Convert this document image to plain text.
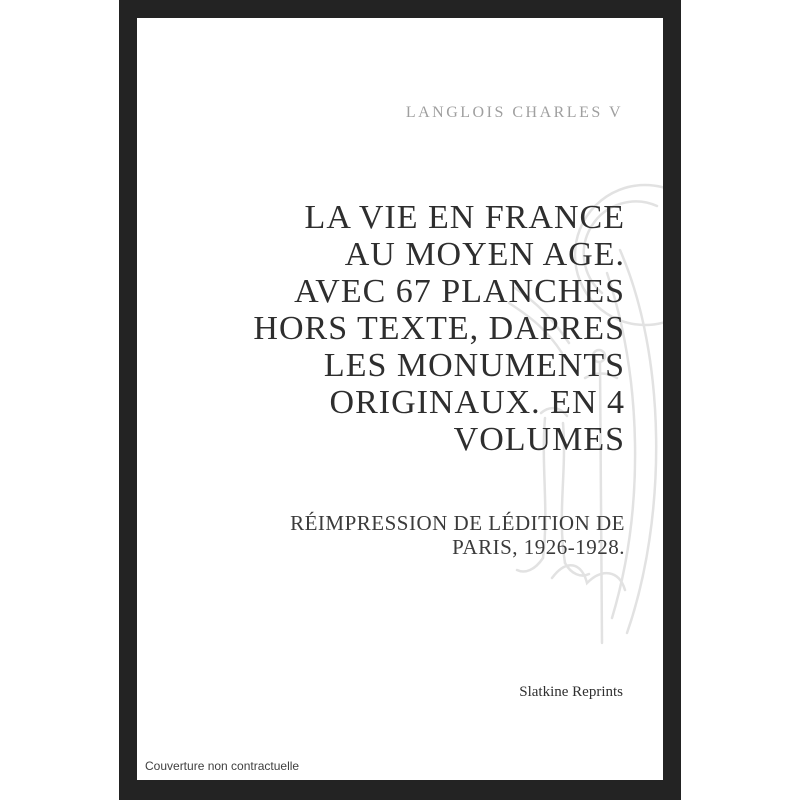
LANGLOIS CHARLES V
LA VIE EN FRANCE
AU MOYEN AGE.
AVEC 67 PLANCHES
HORS TEXTE, DAPRES
LES MONUMENTS
ORIGINAUX. EN 4
VOLUMES
RÉIMPRESSION DE LÉDITION DE
PARIS, 1926-1928.
Slatkine Reprints
Couverture non contractuelle
